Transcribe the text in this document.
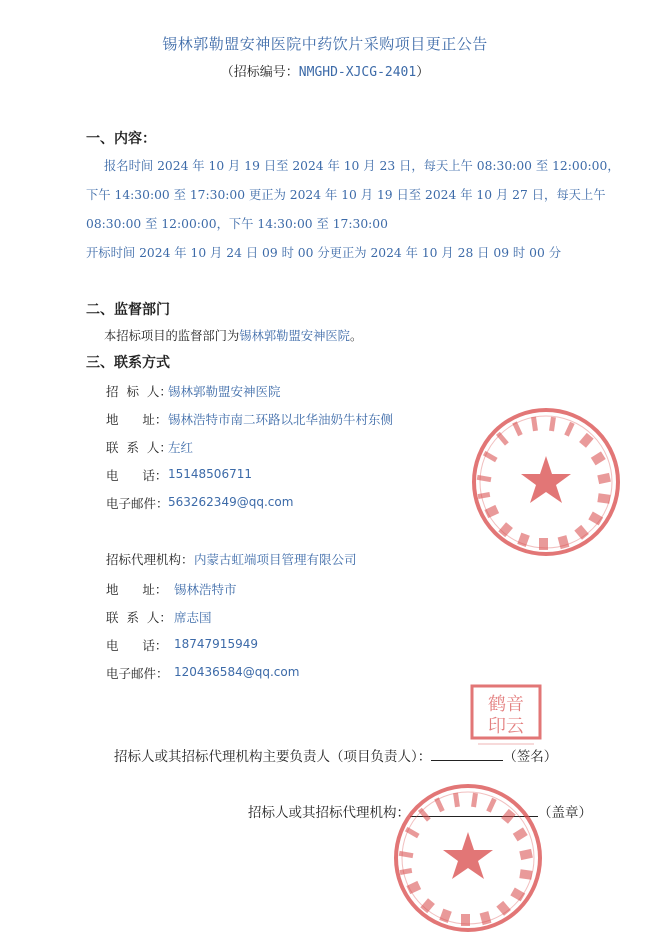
锡林郭勒盟安神医院中药饮片采购项目更正公告
（招标编号：NMGHD-XJCG-2401）
一、内容：
报名时间 2024 年 10 月 19 日至 2024 年 10 月 23 日，每天上午 08:30:00 至 12:00:00，
下午 14:30:00 至 17:30:00 更正为 2024 年 10 月 19 日至 2024 年 10 月 27 日，每天上午
08:30:00 至 12:00:00，下午 14:30:00 至 17:30:00
开标时间 2024 年 10 月 24 日 09 时 00 分更正为 2024 年 10 月 28 日 09 时 00 分
二、监督部门
本招标项目的监督部门为锡林郭勒盟安神医院。
三、联系方式
招  标  人：
锡林郭勒盟安神医院
地      址： 锡林浩特市南二环路以北华油奶牛村东侧
联  系  人：
左红
电      话： 15148506711
电子邮件： 563262349@qq.com
招标代理机构： 内蒙古虹端项目管理有限公司
地      址： 锡林浩特市
联  系  人： 席志国
电      话： 18747915949
电子邮件： 120436584@qq.com
鹤音
印云
招标人或其招标代理机构主要负责人（项目负责人）：	（签名）
招标人或其招标代理机构：	（盖章）
